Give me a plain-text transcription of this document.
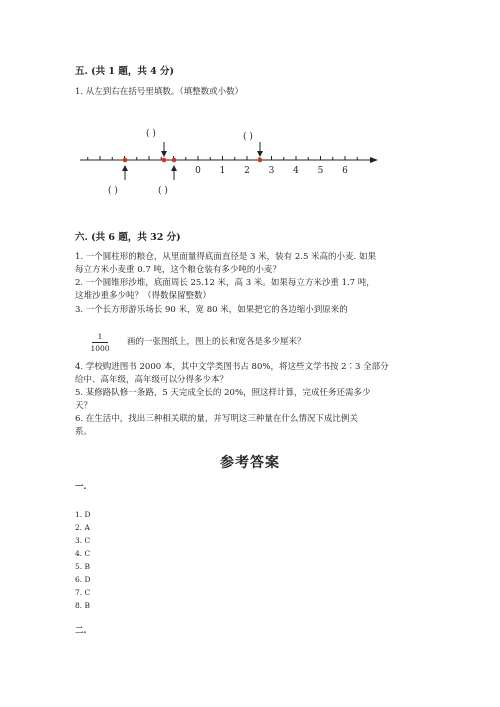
五. (共 1 题，共 4 分)
1. 从左到右在括号里填数。（填整数或小数）
0 1 2 3 4 5 6
( )	( )
( )	( )
六. (共 6 题，共 32 分)
1. 一个圆柱形的粮仓，从里面量得底面直径是 3 米，装有 2.5 米高的小麦. 如果
每立方米小麦重 0.7 吨，这个粮仓装有多少吨的小麦？
2. 一个圆锥形沙堆，底面周长 25.12 米，高 3 米。如果每立方米沙重 1.7 吨，
这堆沙重多少吨？（得数保留整数）
3. 一个长方形游乐场长 90 米，宽 80 米，如果把它的各边缩小到原来的
1
1000
画的一张图纸上，图上的长和宽各是多少厘米？
4. 学校购进图书 2000 本，其中文学类图书占 80%，将这些文学书按 2∶3 全部分
给中、高年级，高年级可以分得多少本？
5. 某修路队修一条路，5 天完成全长的 20%，照这样计算，完成任务还需多少
天？
6. 在生活中，找出三种相关联的量，并写明这三种量在什么情况下成比例关
系。
参考答案
一.
1. D
2. A
3. C
4. C
5. B
6. D
7. C
8. B
二.
